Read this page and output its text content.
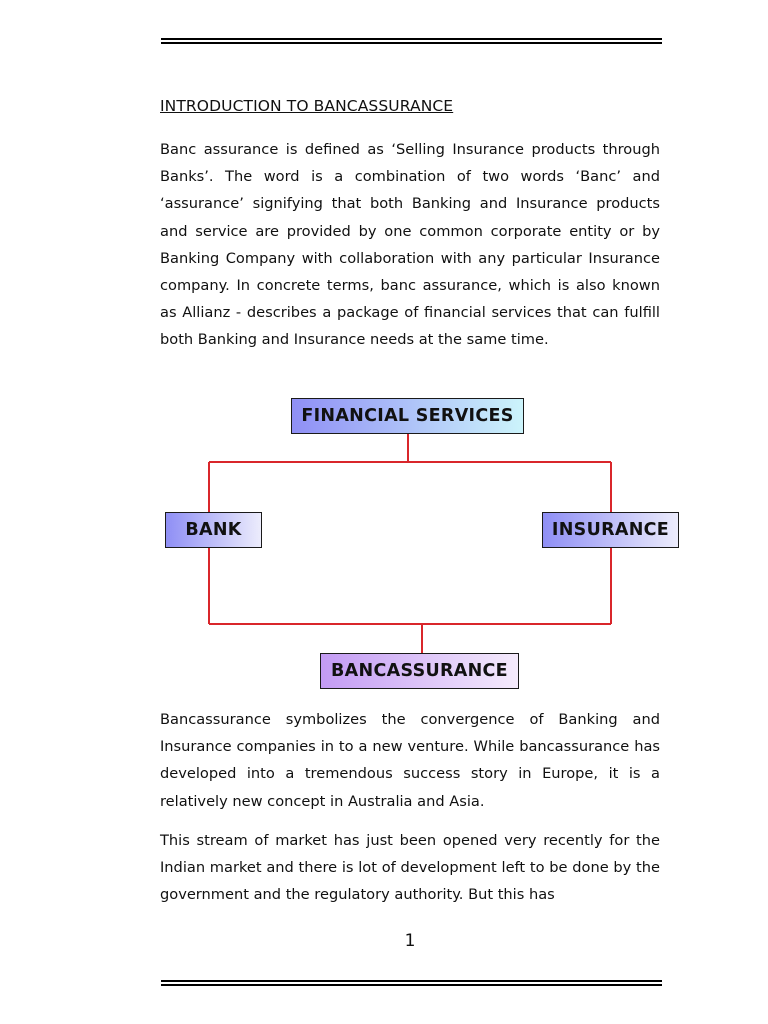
INTRODUCTION TO BANCASSURANCE

Banc assurance is defined as ‘Selling Insurance products through Banks’. The word is a combination of two words ‘Banc’ and ‘assurance’ signifying that both Banking and Insurance products and service are provided by one common corporate entity or by Banking Company with collaboration with any particular Insurance company. In concrete terms, banc assurance, which is also known as Allianz - describes a package of financial services that can fulfill both Banking and Insurance needs at the same time.

FINANCIAL SERVICES
BANK	INSURANCE
BANCASSURANCE

Bancassurance symbolizes the convergence of Banking and Insurance companies in to a new venture. While bancassurance has developed into a tremendous success story in Europe, it is a relatively new concept in Australia and Asia.

This stream of market has just been opened very recently for the Indian market and there is lot of development left to be done by the government and the regulatory authority. But this has

1
